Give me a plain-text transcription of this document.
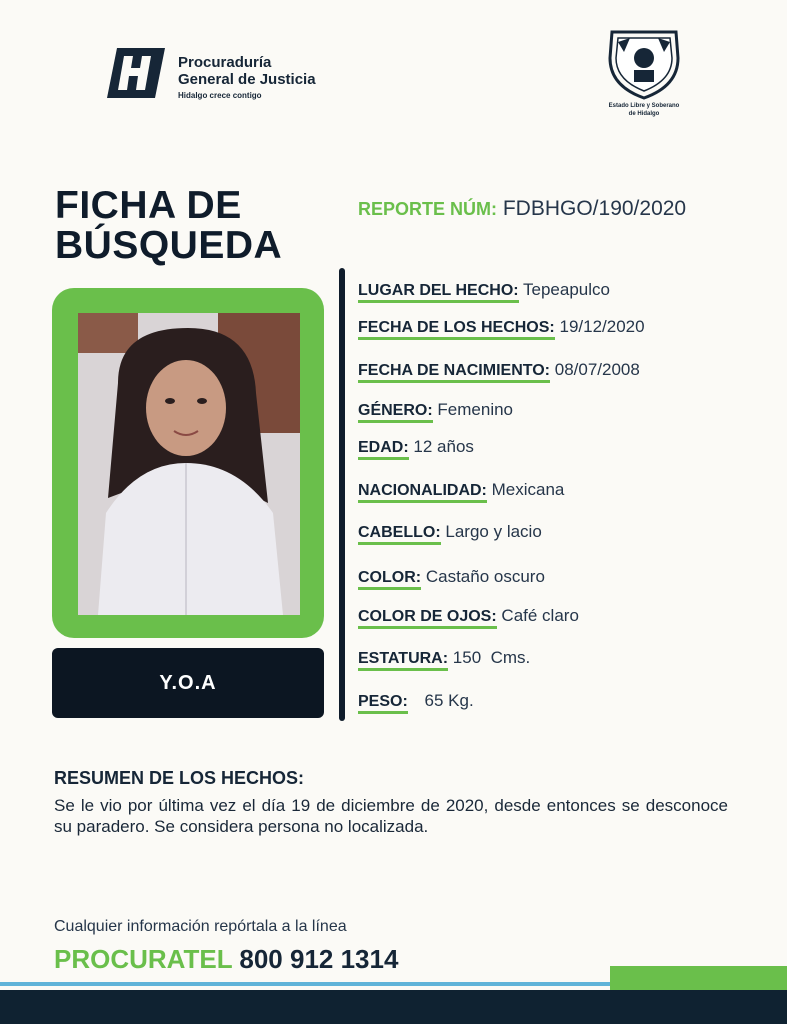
Procuraduría
General de Justicia
Hidalgo crece contigo
Estado Libre y Soberano
de Hidalgo
FICHA DE
BÚSQUEDA
REPORTE NÚM: FDBHGO/190/2020
Y.O.A
LUGAR DEL HECHO: Tepeapulco
FECHA DE LOS HECHOS: 19/12/2020
FECHA DE NACIMIENTO: 08/07/2008
GÉNERO: Femenino
EDAD: 12 años
NACIONALIDAD: Mexicana
CABELLO: Largo y lacio
COLOR: Castaño oscuro
COLOR DE OJOS: Café claro
ESTATURA: 150  Cms.
PESO: 65 Kg.
RESUMEN DE LOS HECHOS:
Se le vio por última vez el día 19 de diciembre de 2020, desde entonces se desconoce su paradero. Se considera persona no localizada.
Cualquier información repórtala a la línea
PROCURATEL 800 912 1314
